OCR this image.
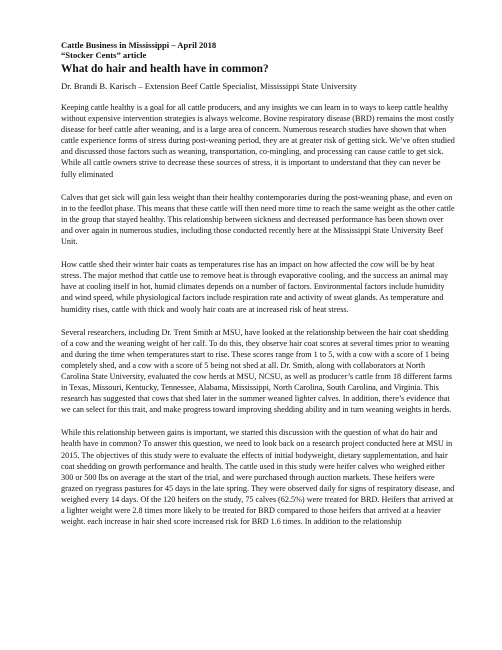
Cattle Business in Mississippi – April 2018

“Stocker Cents” article

What do hair and health have in common?

Dr. Brandi B. Karisch – Extension Beef Cattle Specialist, Mississippi State University

Keeping cattle healthy is a goal for all cattle producers, and any insights we can learn in to ways to keep cattle healthy without expensive intervention strategies is always welcome. Bovine respiratory disease (BRD) remains the most costly disease for beef cattle after weaning, and is a large area of concern. Numerous research studies have shown that when cattle experience forms of stress during post-weaning period, they are at greater risk of getting sick. We’ve often studied and discussed those factors such as weaning, transportation, co-mingling, and processing can cause cattle to get sick. While all cattle owners strive to decrease these sources of stress, it is important to understand that they can never be fully eliminated

Calves that get sick will gain less weight than their healthy contemporaries during the post-weaning phase, and even on in to the feedlot phase. This means that these cattle will then need more time to reach the same weight as the other cattle in the group that stayed healthy. This relationship between sickness and decreased performance has been shown over and over again in numerous studies, including those conducted recently here at the Mississippi State University Beef Unit.

How cattle shed their winter hair coats as temperatures rise has an impact on how affected the cow will be by heat stress. The major method that cattle use to remove heat is through evaporative cooling, and the success an animal may have at cooling itself in hot, humid climates depends on a number of factors. Environmental factors include humidity and wind speed, while physiological factors include respiration rate and activity of sweat glands. As temperature and humidity rises, cattle with thick and wooly hair coats are at increased risk of heat stress.

Several researchers, including Dr. Trent Smith at MSU, have looked at the relationship between the hair coat shedding of a cow and the weaning weight of her calf. To do this, they observe hair coat scores at several times prior to weaning and during the time when temperatures start to rise. These scores range from 1 to 5, with a cow with a score of 1 being completely shed, and a cow with a score of 5 being not shed at all. Dr. Smith, along with collaborators at North Carolina State University, evaluated the cow herds at MSU, NCSU, as well as producer’s cattle from 18 different farms in Texas, Missouri, Kentucky, Tennessee, Alabama, Mississippi, North Carolina, South Carolina, and Virginia. This research has suggested that cows that shed later in the summer weaned lighter calves. In addition, there’s evidence that we can select for this trait, and make progress toward improving shedding ability and in turn weaning weights in herds.

While this relationship between gains is important, we started this discussion with the question of what do hair and health have in common? To answer this question, we need to look back on a research project conducted here at MSU in 2015. The objectives of this study were to evaluate the effects of initial bodyweight, dietary supplementation, and hair coat shedding on growth performance and health. The cattle used in this study were heifer calves who weighed either 300 or 500 lbs on average at the start of the trial, and were purchased through auction markets. These heifers were grazed on ryegrass pastures for 45 days in the late spring. They were observed daily for signs of respiratory disease, and weighed every 14 days. Of the 120 heifers on the study, 75 calves (62.5%) were treated for BRD. Heifers that arrived at a lighter weight were 2.8 times more likely to be treated for BRD compared to those heifers that arrived at a heavier weight. each increase in hair shed score increased risk for BRD 1.6 times. In addition to the relationship
